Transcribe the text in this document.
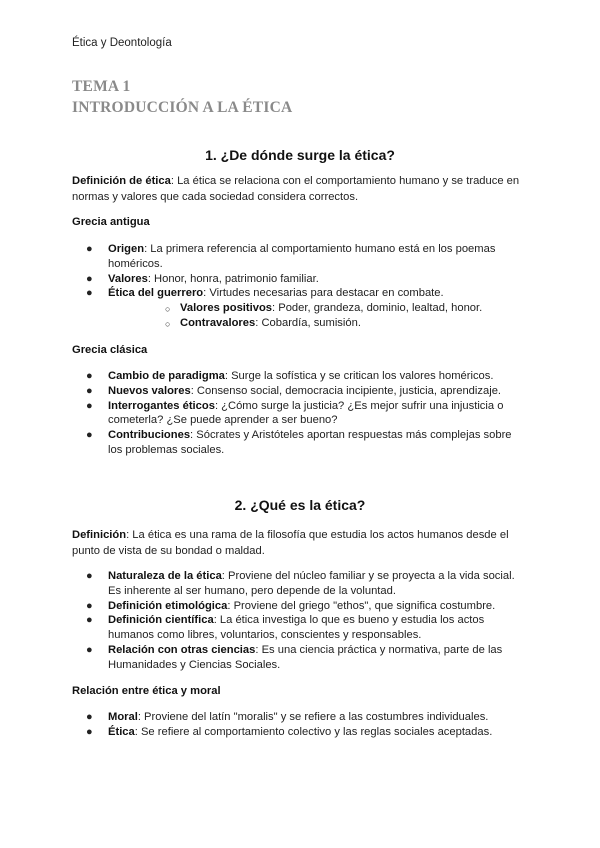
Ética y Deontología
TEMA 1
INTRODUCCIÓN A LA ÉTICA
1. ¿De dónde surge la ética?
Definición de ética: La ética se relaciona con el comportamiento humano y se traduce en normas y valores que cada sociedad considera correctos.
Grecia antigua
● Origen: La primera referencia al comportamiento humano está en los poemas homéricos.
● Valores: Honor, honra, patrimonio familiar.
● Ética del guerrero: Virtudes necesarias para destacar en combate.
○ Valores positivos: Poder, grandeza, dominio, lealtad, honor.
○ Contravalores: Cobardía, sumisión.
Grecia clásica
● Cambio de paradigma: Surge la sofística y se critican los valores homéricos.
● Nuevos valores: Consenso social, democracia incipiente, justicia, aprendizaje.
● Interrogantes éticos: ¿Cómo surge la justicia? ¿Es mejor sufrir una injusticia o cometerla? ¿Se puede aprender a ser bueno?
● Contribuciones: Sócrates y Aristóteles aportan respuestas más complejas sobre los problemas sociales.
2. ¿Qué es la ética?
Definición: La ética es una rama de la filosofía que estudia los actos humanos desde el punto de vista de su bondad o maldad.
● Naturaleza de la ética: Proviene del núcleo familiar y se proyecta a la vida social. Es inherente al ser humano, pero depende de la voluntad.
● Definición etimológica: Proviene del griego "ethos", que significa costumbre.
● Definición científica: La ética investiga lo que es bueno y estudia los actos humanos como libres, voluntarios, conscientes y responsables.
● Relación con otras ciencias: Es una ciencia práctica y normativa, parte de las Humanidades y Ciencias Sociales.
Relación entre ética y moral
● Moral: Proviene del latín "moralis" y se refiere a las costumbres individuales.
● Ética: Se refiere al comportamiento colectivo y las reglas sociales aceptadas.
